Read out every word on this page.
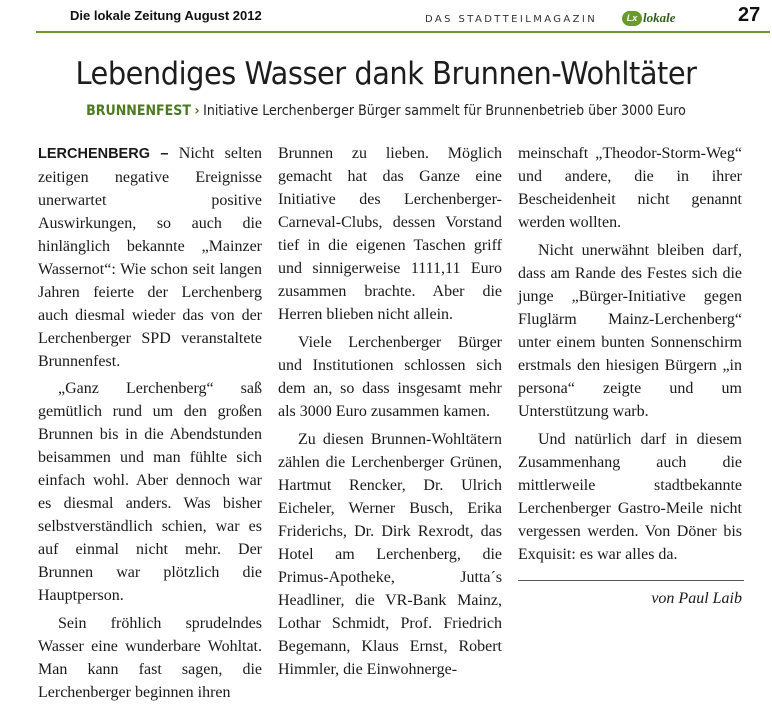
Die lokale Zeitung August 2012	DAS STADTTEILMAGAZIN	Lx lokale	27
Lebendiges Wasser dank Brunnen-Wohltäter
BRUNNENFEST › Initiative Lerchenberger Bürger sammelt für Brunnenbetrieb über 3000 Euro

LERCHENBERG – Nicht selten zeitigen negative Ereignisse unerwartet positive Auswirkungen, so auch die hinlänglich bekannte „Mainzer Wassernot“: Wie schon seit langen Jahren feierte der Lerchenberg auch diesmal wieder das von der Lerchenberger SPD veranstaltete Brunnenfest.

„Ganz Lerchenberg“ saß gemütlich rund um den großen Brunnen bis in die Abendstunden beisammen und man fühlte sich einfach wohl. Aber dennoch war es diesmal anders. Was bisher selbstverständlich schien, war es auf einmal nicht mehr. Der Brunnen war plötzlich die Hauptperson.

Sein fröhlich sprudelndes Wasser eine wunderbare Wohltat. Man kann fast sagen, die Lerchenberger beginnen ihren

Brunnen zu lieben. Möglich gemacht hat das Ganze eine Initiative des Lerchenberger-Carneval-Clubs, dessen Vorstand tief in die eigenen Taschen griff und sinnigerweise 1111,11 Euro zusammen brachte. Aber die Herren blieben nicht allein.

Viele Lerchenberger Bürger und Institutionen schlossen sich dem an, so dass insgesamt mehr als 3000 Euro zusammen kamen.

Zu diesen Brunnen-Wohltätern zählen die Lerchenberger Grünen, Hartmut Rencker, Dr. Ulrich Eicheler, Werner Busch, Erika Friderichs, Dr. Dirk Rexrodt, das Hotel am Lerchenberg, die Primus-Apotheke, Jutta´s Headliner, die VR-Bank Mainz, Lothar Schmidt, Prof. Friedrich Begemann, Klaus Ernst, Robert Himmler, die Einwohnerge-

meinschaft „Theodor-Storm-Weg“ und andere, die in ihrer Bescheidenheit nicht genannt werden wollten.

Nicht unerwähnt bleiben darf, dass am Rande des Festes sich die junge „Bürger-Initiative gegen Fluglärm Mainz-Lerchenberg“ unter einem bunten Sonnenschirm erstmals den hiesigen Bürgern „in persona“ zeigte und um Unterstützung warb.

Und natürlich darf in diesem Zusammenhang auch die mittlerweile stadtbekannte Lerchenberger Gastro-Meile nicht vergessen werden. Von Döner bis Exquisit: es war alles da.

von Paul Laib
